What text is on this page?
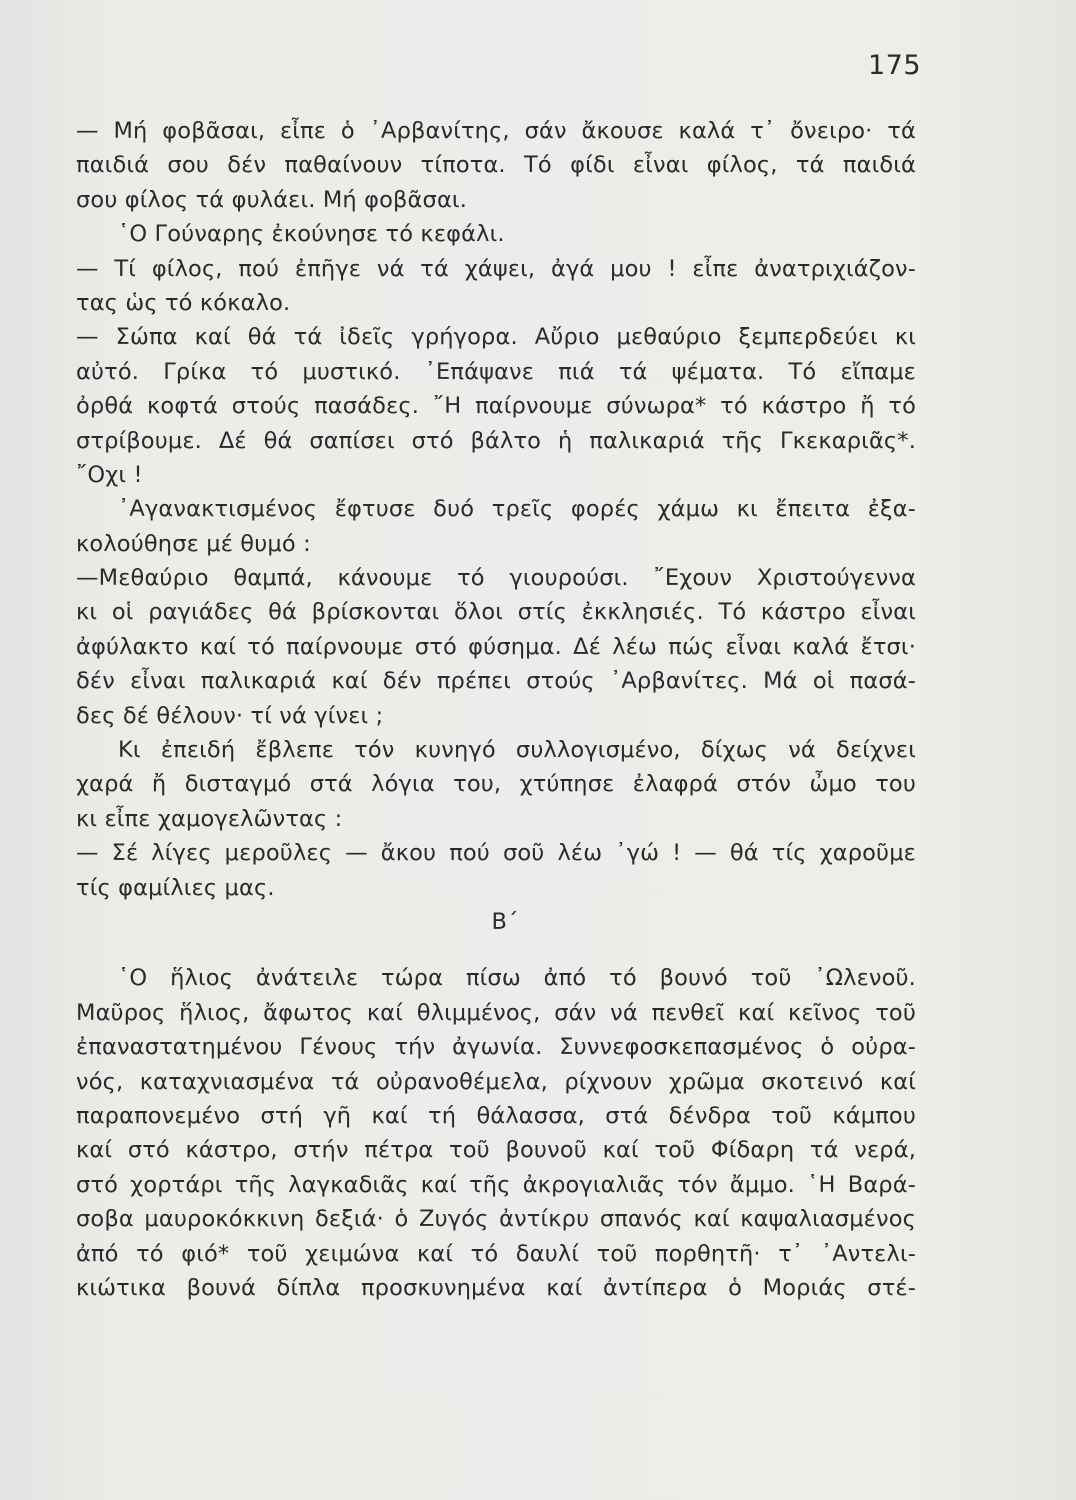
175
— Μή φοβᾶσαι, εἶπε ὁ ᾿Αρβανίτης, σάν ἄκουσε καλά τ᾿ ὄνειρο· τά
παιδιά σου δέν παθαίνουν τίποτα. Τό φίδι εἶναι φίλος, τά παιδιά
σου φίλος τά φυλάει. Μή φοβᾶσαι.
῾Ο Γούναρης ἐκούνησε τό κεφάλι.
— Τί φίλος, πού ἐπῆγε νά τά χάψει, ἀγά μου ! εἶπε ἀνατριχιάζον-
τας ὡς τό κόκαλο.
— Σώπα καί θά τά ἰδεῖς γρήγορα. Αὔριο μεθαύριο ξεμπερδεύει κι
αὐτό. Γρίκα τό μυστικό. ᾿Επάψανε πιά τά ψέματα. Τό εἴπαμε
ὀρθά κοφτά στούς πασάδες. ῎Η παίρνουμε σύνωρα* τό κάστρο ἤ τό
στρίβουμε. Δέ θά σαπίσει στό βάλτο ἡ παλικαριά τῆς Γκεκαριᾶς*.
῎Οχι !
᾿Αγανακτισμένος ἔφτυσε δυό τρεῖς φορές χάμω κι ἔπειτα ἐξα-
κολούθησε μέ θυμό :
—Μεθαύριο θαμπά, κάνουμε τό γιουρούσι. ῎Εχουν Χριστούγεννα
κι οἱ ραγιάδες θά βρίσκονται ὅλοι στίς ἐκκλησιές. Τό κάστρο εἶναι
ἀφύλακτο καί τό παίρνουμε στό φύσημα. Δέ λέω πώς εἶναι καλά ἔτσι·
δέν εἶναι παλικαριά καί δέν πρέπει στούς ᾿Αρβανίτες. Μά οἱ πασά-
δες δέ θέλουν· τί νά γίνει ;
Κι ἐπειδή ἔβλεπε τόν κυνηγό συλλογισμένο, δίχως νά δείχνει
χαρά ἤ δισταγμό στά λόγια του, χτύπησε ἐλαφρά στόν ὦμο του
κι εἶπε χαμογελῶντας :
— Σέ λίγες μεροῦλες — ἄκου πού σοῦ λέω ᾿γώ ! — θά τίς χαροῦμε
τίς φαμίλιες μας.
Β΄
῾Ο ἥλιος ἀνάτειλε τώρα πίσω ἀπό τό βουνό τοῦ ᾿Ωλενοῦ.
Μαῦρος ἥλιος, ἄφωτος καί θλιμμένος, σάν νά πενθεῖ καί κεῖνος τοῦ
ἐπαναστατημένου Γένους τήν ἀγωνία. Συννεφοσκεπασμένος ὁ οὐρα-
νός, καταχνιασμένα τά οὐρανοθέμελα, ρίχνουν χρῶμα σκοτεινό καί
παραπονεμένο στή γῆ καί τή θάλασσα, στά δένδρα τοῦ κάμπου
καί στό κάστρο, στήν πέτρα τοῦ βουνοῦ καί τοῦ Φίδαρη τά νερά,
στό χορτάρι τῆς λαγκαδιᾶς καί τῆς ἀκρογιαλιᾶς τόν ἄμμο. ῾Η Βαρά-
σοβα μαυροκόκκινη δεξιά· ὁ Ζυγός ἀντίκρυ σπανός καί καψαλιασμένος
ἀπό τό φιό* τοῦ χειμώνα καί τό δαυλί τοῦ πορθητῆ· τ᾿ ᾿Αντελι-
κιώτικα βουνά δίπλα προσκυνημένα καί ἀντίπερα ὁ Μοριάς στέ-
